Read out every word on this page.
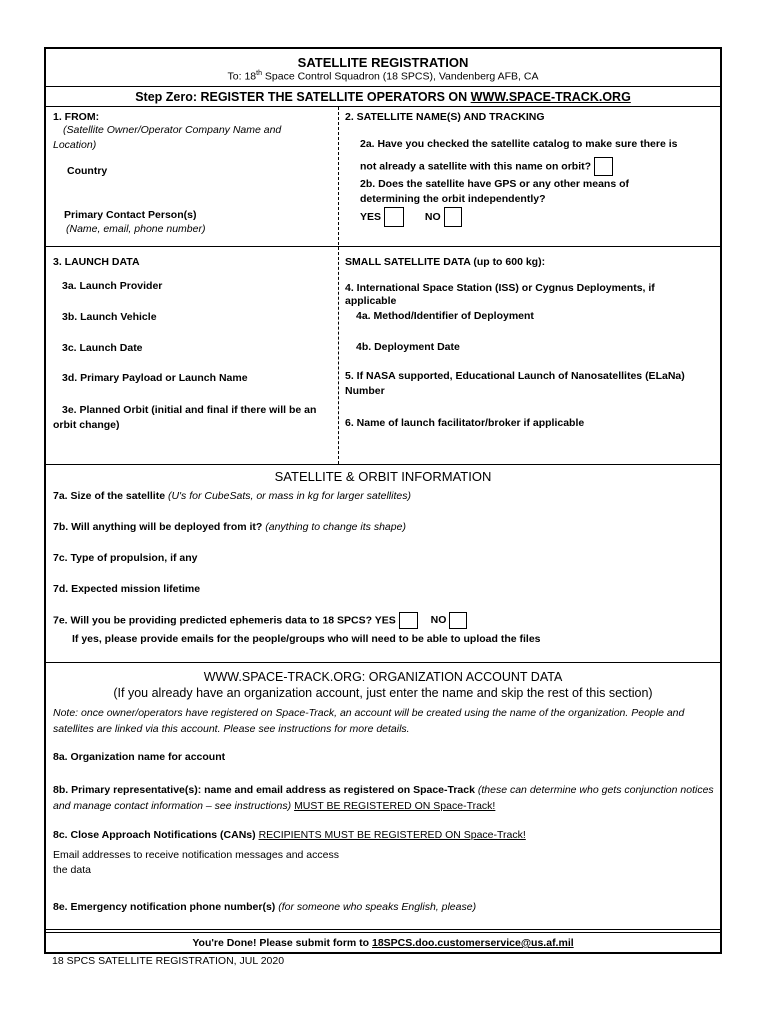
SATELLITE REGISTRATION
To: 18th Space Control Squadron (18 SPCS), Vandenberg AFB, CA
Step Zero: REGISTER THE SATELLITE OPERATORS ON WWW.SPACE-TRACK.ORG
1. FROM:
(Satellite Owner/Operator Company Name and Location)
Country
Primary Contact Person(s)
(Name, email, phone number)
2. SATELLITE NAME(S) AND TRACKING
2a. Have you checked the satellite catalog to make sure there is
not already a satellite with this name on orbit?
2b. Does the satellite have GPS or any other means of determining the orbit independently?
YES	NO
3. LAUNCH DATA
3a. Launch Provider
3b. Launch Vehicle
3c. Launch Date
3d. Primary Payload or Launch Name
3e. Planned Orbit (initial and final if there will be an orbit change)
SMALL SATELLITE DATA (up to 600 kg):
4. International Space Station (ISS) or Cygnus Deployments, if applicable
4a. Method/Identifier of Deployment
4b. Deployment Date
5. If NASA supported, Educational Launch of Nanosatellites (ELaNa) Number
6. Name of launch facilitator/broker if applicable
SATELLITE & ORBIT INFORMATION
7a. Size of the satellite (U's for CubeSats, or mass in kg for larger satellites)
7b. Will anything will be deployed from it? (anything to change its shape)
7c. Type of propulsion, if any
7d. Expected mission lifetime
7e. Will you be providing predicted ephemeris data to 18 SPCS? YES	NO
If yes, please provide emails for the people/groups who will need to be able to upload the files
WWW.SPACE-TRACK.ORG: ORGANIZATION ACCOUNT DATA
(If you already have an organization account, just enter the name and skip the rest of this section)
Note: once owner/operators have registered on Space-Track, an account will be created using the name of the organization. People and satellites are linked via this account. Please see instructions for more details.
8a. Organization name for account
8b. Primary representative(s): name and email address as registered on Space-Track (these can determine who gets conjunction notices and manage contact information – see instructions) MUST BE REGISTERED ON Space-Track!
8c. Close Approach Notifications (CANs) RECIPIENTS MUST BE REGISTERED ON Space-Track!
Email addresses to receive notification messages and access the data
8e. Emergency notification phone number(s) (for someone who speaks English, please)
You're Done! Please submit form to 18SPCS.doo.customerservice@us.af.mil
18 SPCS SATELLITE REGISTRATION, JUL 2020
